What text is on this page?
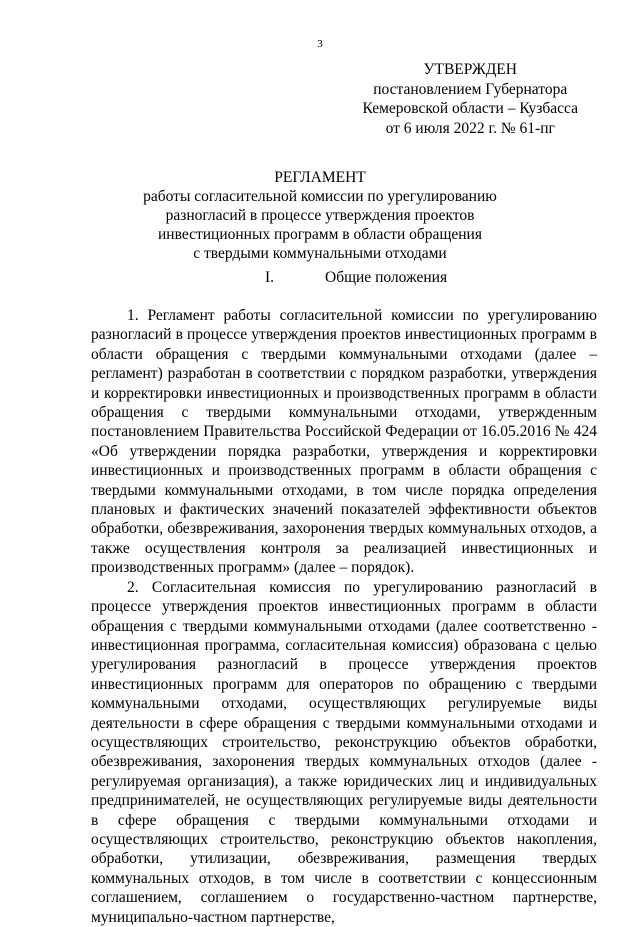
3
УТВЕРЖДЕН
постановлением Губернатора
Кемеровской области – Кузбасса
от 6 июля 2022 г. № 61-пг
РЕГЛАМЕНТ
работы согласительной комиссии по урегулированию
разногласий в процессе утверждения проектов
инвестиционных программ в области обращения
с твердыми коммунальными отходами
I.	Общие положения

1. Регламент работы согласительной комиссии по урегулированию разногласий в процессе утверждения проектов инвестиционных программ в области обращения с твердыми коммунальными отходами (далее – регламент) разработан в соответствии с порядком разработки, утверждения и корректировки инвестиционных и производственных программ в области обращения с твердыми коммунальными отходами, утвержденным постановлением Правительства Российской Федерации от 16.05.2016 № 424 «Об утверждении порядка разработки, утверждения и корректировки инвестиционных и производственных программ в области обращения с твердыми коммунальными отходами, в том числе порядка определения плановых и фактических значений показателей эффективности объектов обработки, обезвреживания, захоронения твердых коммунальных отходов, а также осуществления контроля за реализацией инвестиционных и производственных программ» (далее – порядок).

2. Согласительная комиссия по урегулированию разногласий в процессе утверждения проектов инвестиционных программ в области обращения с твердыми коммунальными отходами (далее соответственно - инвестиционная программа, согласительная комиссия) образована с целью урегулирования разногласий в процессе утверждения проектов инвестиционных программ для операторов по обращению с твердыми коммунальными отходами, осуществляющих регулируемые виды деятельности в сфере обращения с твердыми коммунальными отходами и осуществляющих строительство, реконструкцию объектов обработки, обезвреживания, захоронения твердых коммунальных отходов (далее - регулируемая организация), а также юридических лиц и индивидуальных предпринимателей, не осуществляющих регулируемые виды деятельности в сфере обращения с твердыми коммунальными отходами и осуществляющих строительство, реконструкцию объектов накопления, обработки, утилизации, обезвреживания, размещения твердых коммунальных отходов, в том числе в соответствии с концессионным соглашением, соглашением о государственно-частном партнерстве, муниципально-частном партнерстве,
